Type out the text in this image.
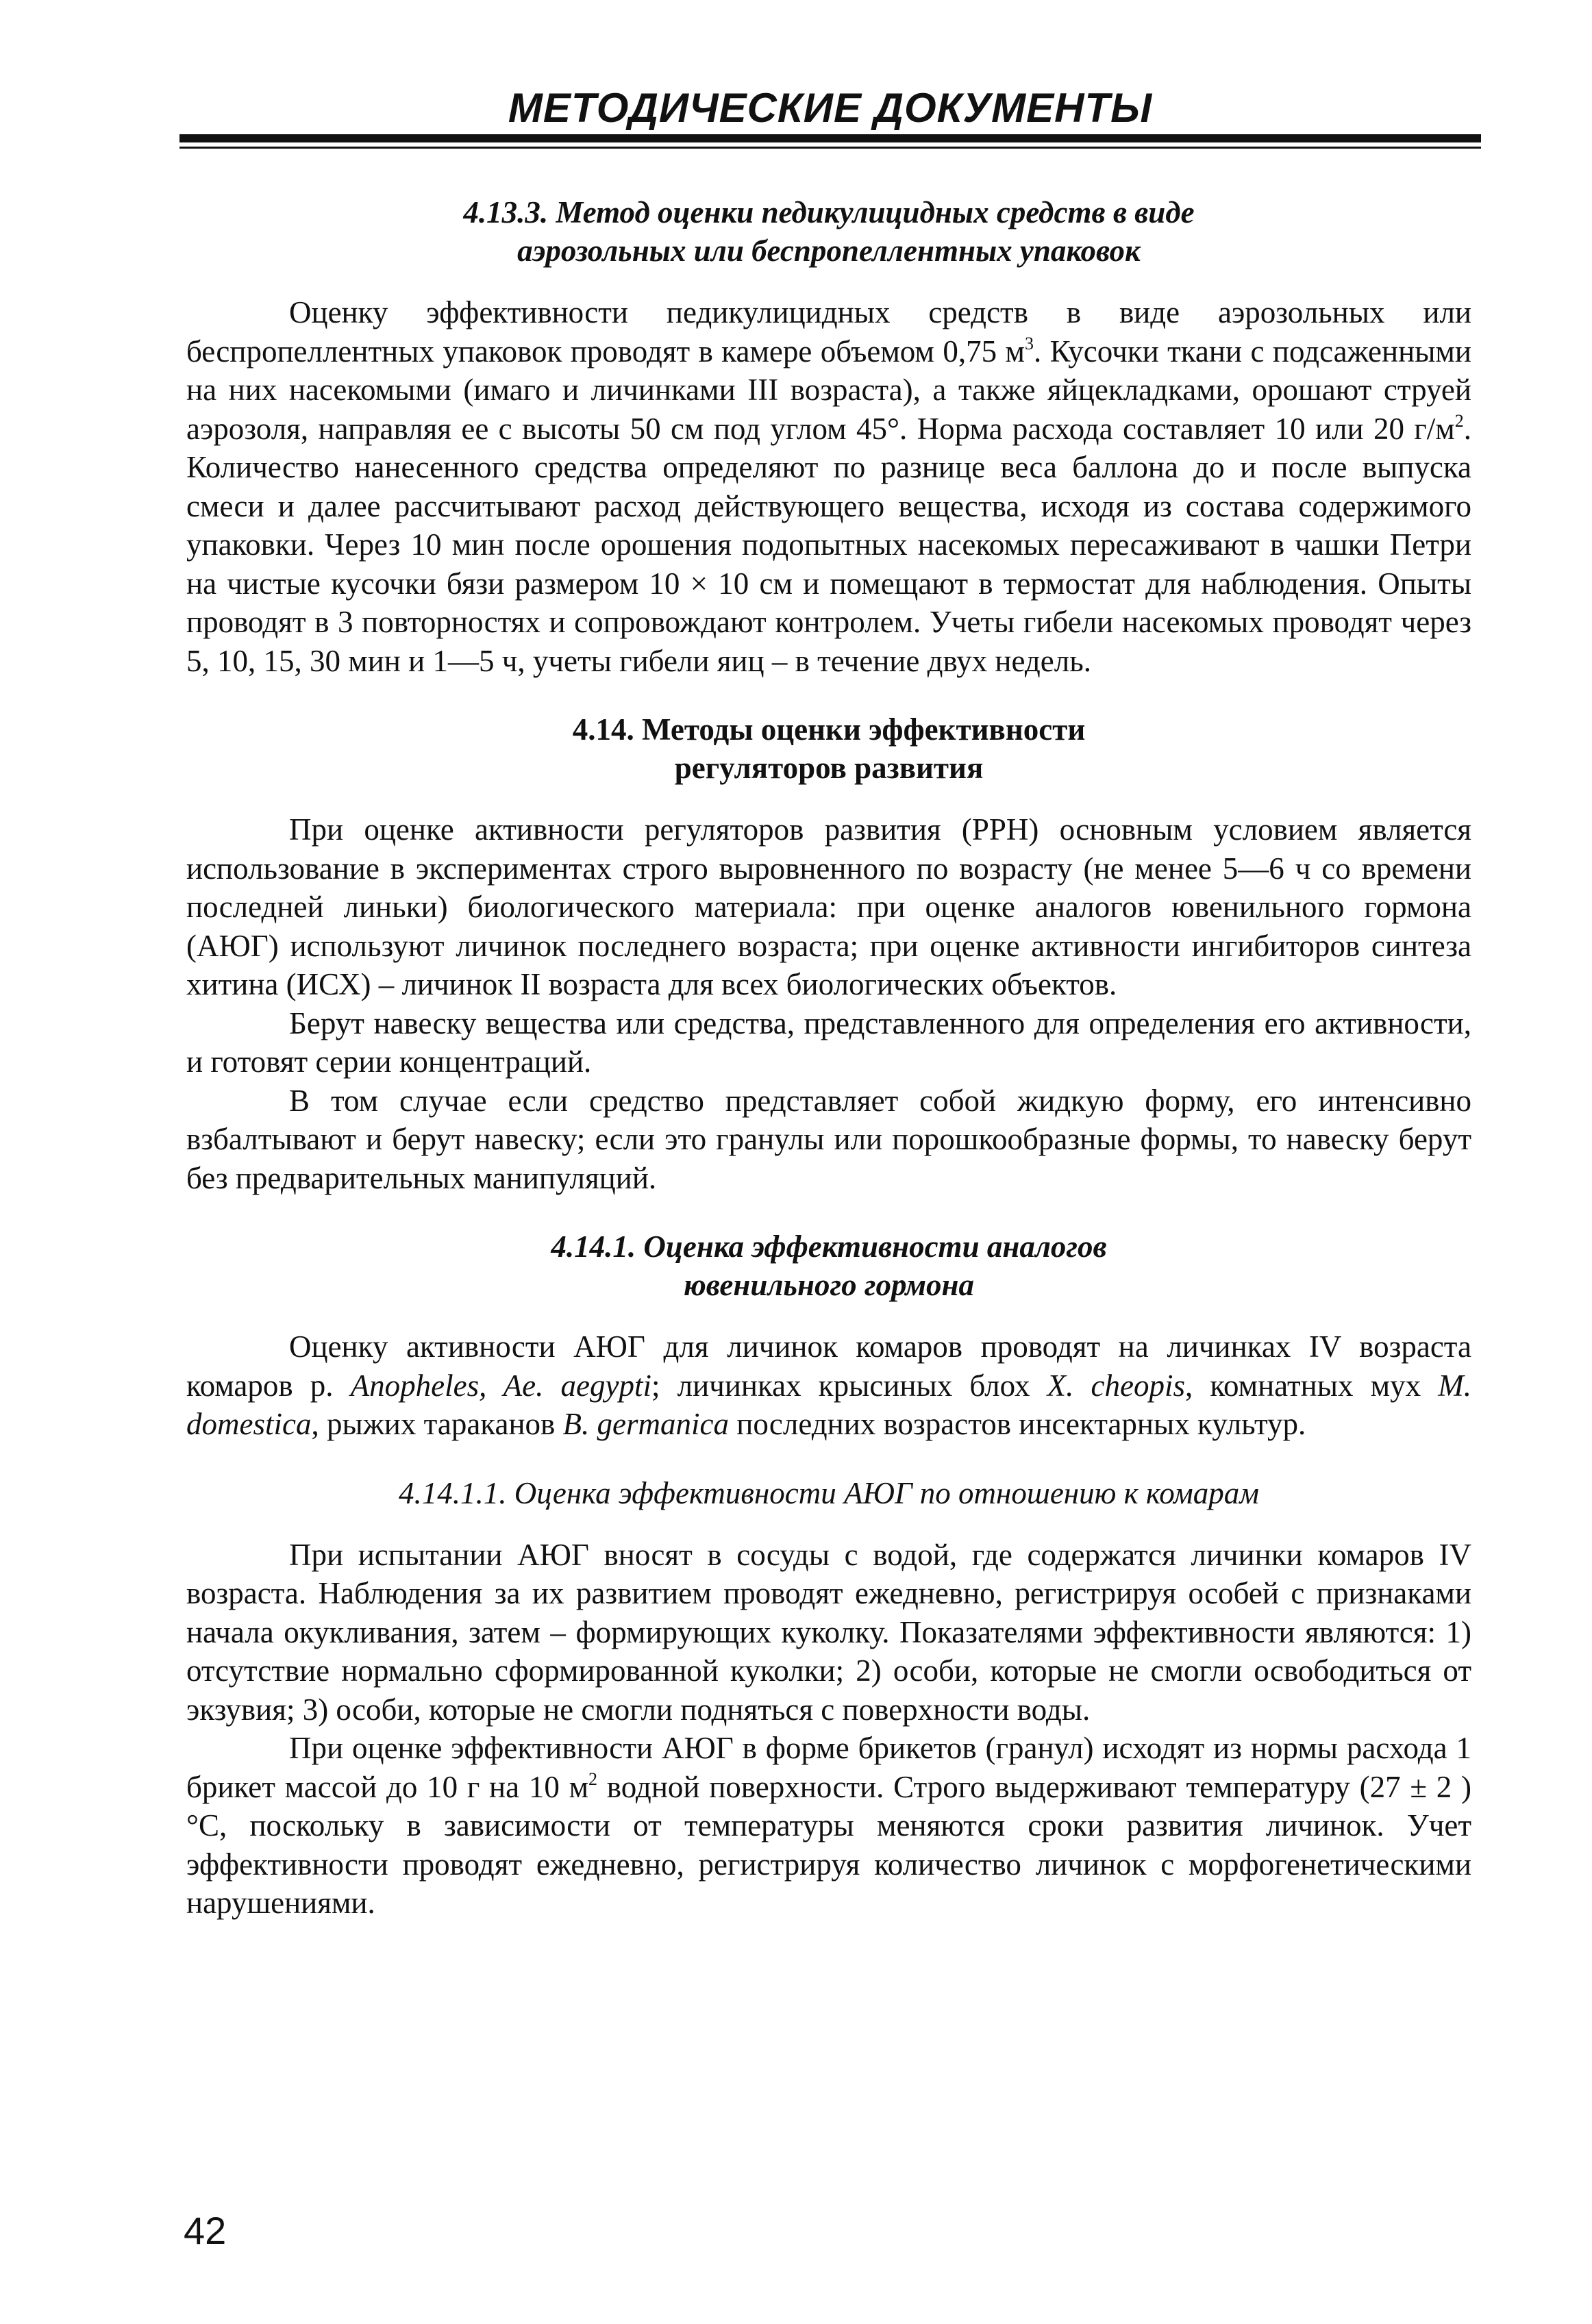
МЕТОДИЧЕСКИЕ ДОКУМЕНТЫ
4.13.3. Метод оценки педикулицидных средств в виде
аэрозольных или беспропеллентных упаковок

Оценку эффективности педикулицидных средств в виде аэрозольных или беспропеллентных упаковок проводят в камере объемом 0,75 $м^3$. Кусочки ткани с подсаженными на них насекомыми (имаго и личинками III возраста), а также яйцекладками, орошают струей аэрозоля, направляя ее с высоты 50 см под углом 45°. Норма расхода составляет 10 или 20 $г/м^2$. Количество нанесенного средства определяют по разнице веса баллона до и после выпуска смеси и далее рассчитывают расход действующего вещества, исходя из состава содержимого упаковки. Через 10 мин после орошения подопытных насекомых пересаживают в чашки Петри на чистые кусочки бязи размером 10 × 10 см и помещают в термостат для наблюдения. Опыты проводят в 3 повторностях и сопровождают контролем. Учеты гибели насекомых проводят через 5, 10, 15, 30 мин и 1—5 ч, учеты гибели яиц – в течение двух недель.

4.14. Методы оценки эффективности
регуляторов развития

При оценке активности регуляторов развития (РРН) основным условием является использование в экспериментах строго выровненного по возрасту (не менее 5—6 ч со времени последней линьки) биологического материала: при оценке аналогов ювенильного гормона (АЮГ) используют личинок последнего возраста; при оценке активности ингибиторов синтеза хитина (ИСХ) – личинок II возраста для всех биологических объектов.

Берут навеску вещества или средства, представленного для определения его активности, и готовят серии концентраций.

В том случае если средство представляет собой жидкую форму, его интенсивно взбалтывают и берут навеску; если это гранулы или порошкообразные формы, то навеску берут без предварительных манипуляций.

4.14.1. Оценка эффективности аналогов
ювенильного гормона

Оценку активности АЮГ для личинок комаров проводят на личинках IV возраста комаров р. Anopheles, Ae. aegypti; личинках крысиных блох X. cheopis, комнатных мух M. domestica, рыжих тараканов B. germanica последних возрастов инсектарных культур.

4.14.1.1. Оценка эффективности АЮГ по отношению к комарам

При испытании АЮГ вносят в сосуды с водой, где содержатся личинки комаров IV возраста. Наблюдения за их развитием проводят ежедневно, регистрируя особей с признаками начала окукливания, затем – формирующих куколку. Показателями эффективности являются: 1) отсутствие нормально сформированной куколки; 2) особи, которые не смогли освободиться от экзувия; 3) особи, которые не смогли подняться с поверхности воды.

При оценке эффективности АЮГ в форме брикетов (гранул) исходят из нормы расхода 1 брикет массой до 10 г на 10 $м^2$ водной поверхности. Строго выдерживают температуру (27 ± 2 )°С, поскольку в зависимости от температуры меняются сроки развития личинок. Учет эффективности проводят ежедневно, регистрируя количество личинок с морфогенетическими нарушениями.

42
